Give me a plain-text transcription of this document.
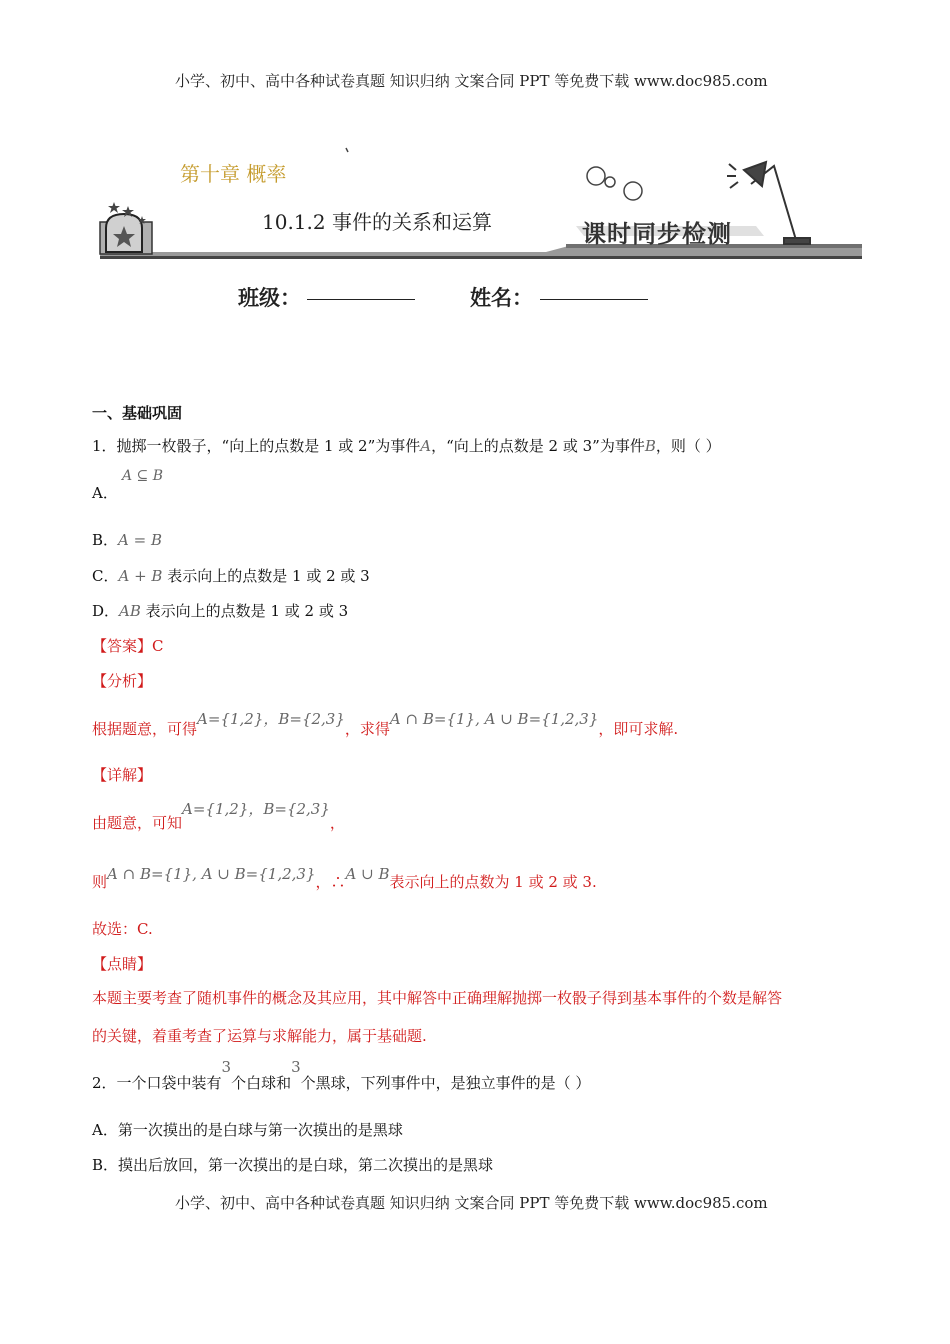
小学、初中、高中各种试卷真题 知识归纳 文案合同 PPT 等免费下载 www.doc985.com
第十章 概率
10.1.2 事件的关系和运算	课时同步检测
班级：	姓名：
一、基础巩固
1．抛掷一枚骰子，“向上的点数是 1 或 2”为事件A，“向上的点数是 2 或 3”为事件B，则（ ）
A ⊆ B
A．
B．A = B
C．A + B 表示向上的点数是 1 或 2 或 3
D．AB 表示向上的点数是 1 或 2 或 3
【答案】C
【分析】
根据题意，可得A={1,2}，B={2,3}，求得A ∩ B={1}, A ∪ B={1,2,3}，即可求解.
【详解】
由题意，可知A={1,2}，B={2,3}，
则A ∩ B={1}, A ∪ B={1,2,3}，∴A ∪ B表示向上的点数为 1 或 2 或 3.
故选：C.
【点睛】
本题主要考查了随机事件的概念及其应用，其中解答中正确理解抛掷一枚骰子得到基本事件的个数是解答
的关键，着重考查了运算与求解能力，属于基础题.
2．一个口袋中装有3个白球和3个黑球，下列事件中，是独立事件的是（ ）
A．第一次摸出的是白球与第一次摸出的是黑球
B．摸出后放回，第一次摸出的是白球，第二次摸出的是黑球
小学、初中、高中各种试卷真题 知识归纳 文案合同 PPT 等免费下载 www.doc985.com
